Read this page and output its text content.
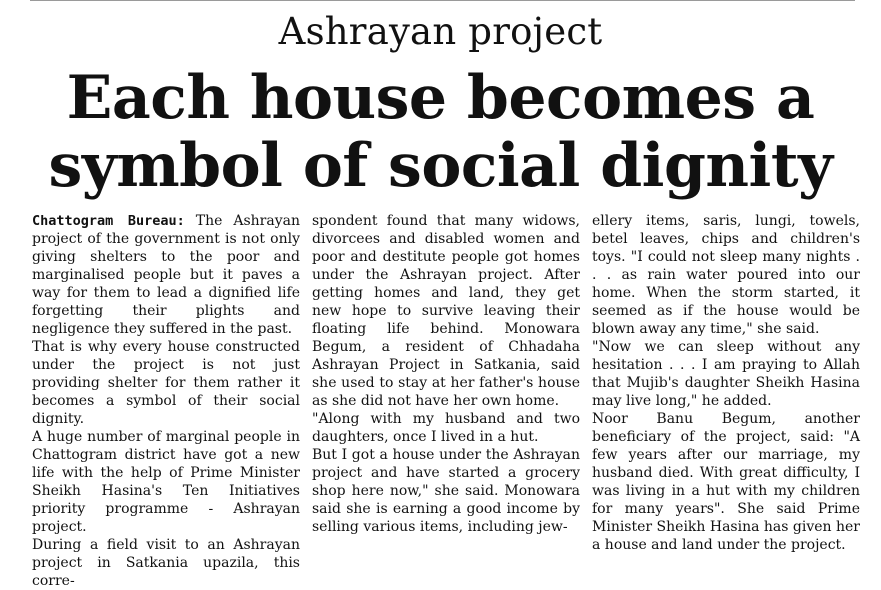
Ashrayan project
Each house becomes a
symbol of social dignity

Chattogram Bureau: The Ashrayan project of the government is not only giving shelters to the poor and marginalised people but it paves a way for them to lead a dignified life forgetting their plights and negligence they suffered in the past.

That is why every house constructed under the project is not just providing shelter for them rather it becomes a symbol of their social dignity.

A huge number of marginal people in Chattogram district have got a new life with the help of Prime Minister Sheikh Hasina's Ten Initiatives priority programme - Ashrayan project.

During a field visit to an Ashrayan project in Satkania upazila, this corre-

spondent found that many widows, divorcees and disabled women and poor and destitute people got homes under the Ashrayan project. After getting homes and land, they get new hope to survive leaving their floating life behind. Monowara Begum, a resident of Chhadaha Ashrayan Project in Satkania, said she used to stay at her father's house as she did not have her own home.

"Along with my husband and two daughters, once I lived in a hut.

But I got a house under the Ashrayan project and have started a grocery shop here now," she said. Monowara said she is earning a good income by selling various items, including jew-

ellery items, saris, lungi, towels, betel leaves, chips and children's toys. "I could not sleep many nights . . . as rain water poured into our home. When the storm started, it seemed as if the house would be blown away any time," she said.

"Now we can sleep without any hesitation . . . I am praying to Allah that Mujib's daughter Sheikh Hasina may live long," he added.

Noor Banu Begum, another beneficiary of the project, said: "A few years after our marriage, my husband died. With great difficulty, I was living in a hut with my children for many years". She said Prime Minister Sheikh Hasina has given her a house and land under the project.
